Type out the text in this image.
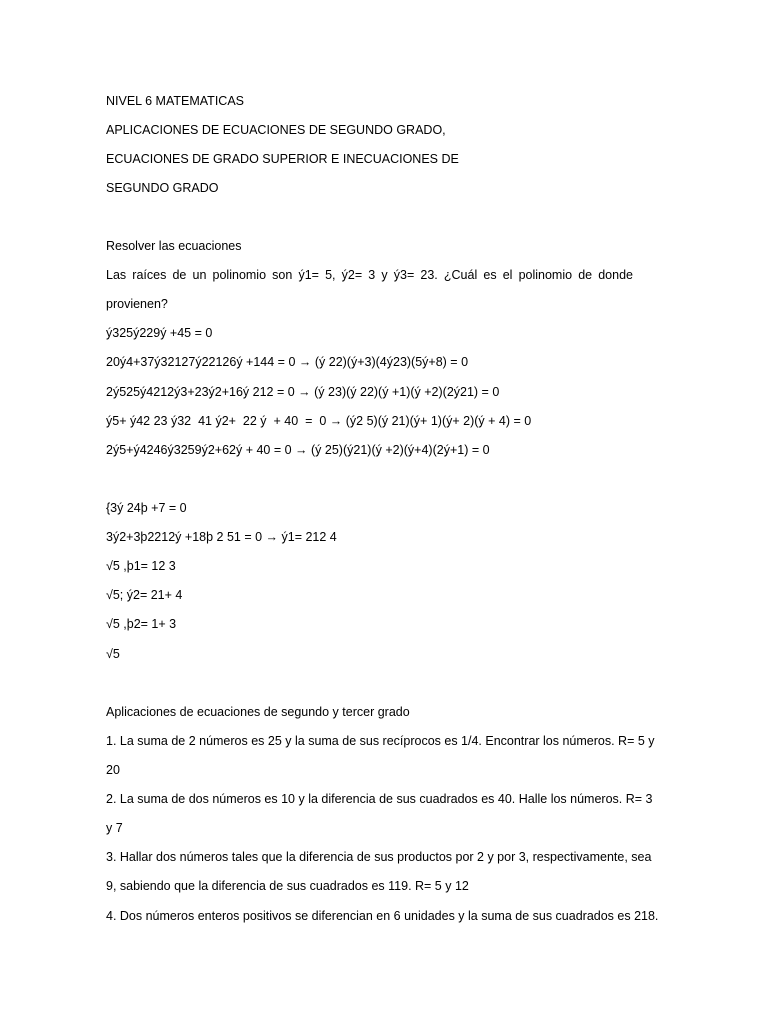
NIVEL 6 MATEMATICAS

APLICACIONES DE ECUACIONES DE SEGUNDO GRADO,

ECUACIONES DE GRADO SUPERIOR E INECUACIONES DE

SEGUNDO GRADO

Resolver las ecuaciones

Las raíces de un polinomio son ý1= 5, ý2= 3 y ý3= 23. ¿Cuál es el polinomio de donde

provienen?

ý325ý229ý +45 = 0

20ý4+37ý32127ý22126ý +144 = 0 → (ý 22)(ý+3)(4ý23)(5ý+8) = 0

2ý525ý4212ý3+23ý2+16ý 212 = 0 → (ý 23)(ý 22)(ý +1)(ý +2)(2ý21) = 0

ý5+ ý42 23 ý32  41 ý2+  22 ý  + 40  =  0 → (ý2 5)(ý 21)(ý+ 1)(ý+ 2)(ý + 4) = 0

2ý5+ý4246ý3259ý2+62ý + 40 = 0 → (ý 25)(ý21)(ý +2)(ý+4)(2ý+1) = 0

{3ý 24þ +7 = 0

3ý2+3þ2212ý +18þ 2 51 = 0 → ý1= 212 4

√5 ,þ1= 12 3

√5; ý2= 21+ 4

√5 ,þ2= 1+ 3

√5

Aplicaciones de ecuaciones de segundo y tercer grado

1. La suma de 2 números es 25 y la suma de sus recíprocos es 1/4. Encontrar los números. R= 5 y

20

2. La suma de dos números es 10 y la diferencia de sus cuadrados es 40. Halle los números. R= 3

y 7

3. Hallar dos números tales que la diferencia de sus productos por 2 y por 3, respectivamente, sea

9, sabiendo que la diferencia de sus cuadrados es 119. R= 5 y 12

4. Dos números enteros positivos se diferencian en 6 unidades y la suma de sus cuadrados es 218.
